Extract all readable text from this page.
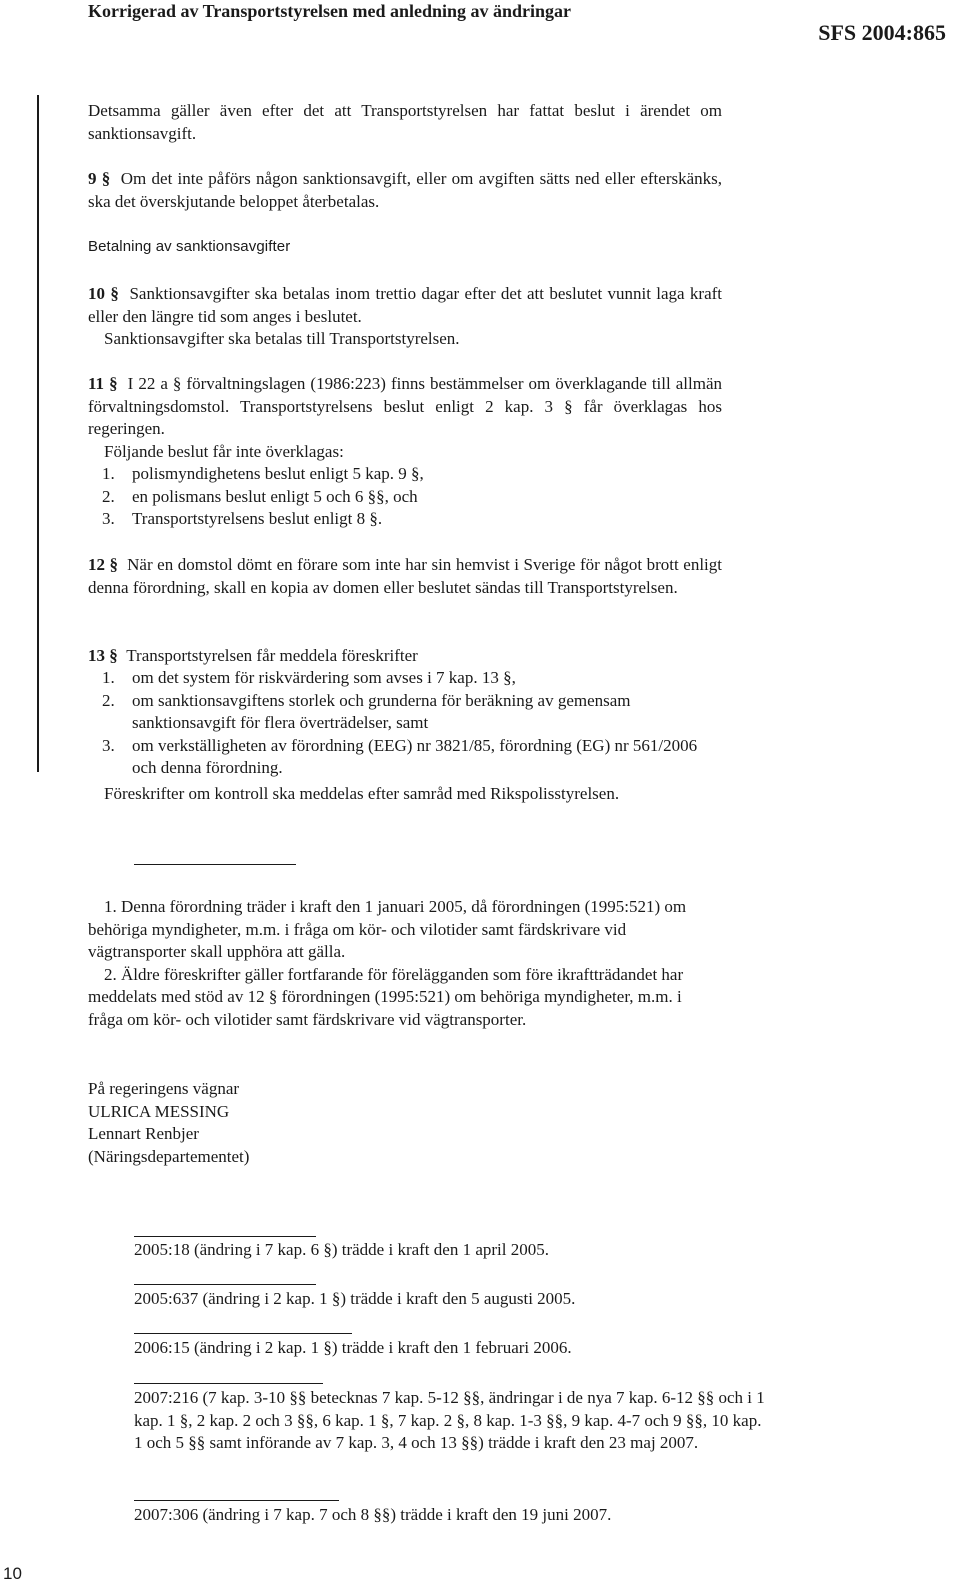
Korrigerad av Transportstyrelsen med anledning av ändringar
SFS 2004:865
Detsamma gäller även efter det att Transportstyrelsen har fattat beslut i ärendet om sanktionsavgift.
9 § Om det inte påförs någon sanktionsavgift, eller om avgiften sätts ned eller efterskänks, ska det överskjutande beloppet återbetalas.
Betalning av sanktionsavgifter
10 § Sanktionsavgifter ska betalas inom trettio dagar efter det att beslutet vunnit laga kraft eller den längre tid som anges i beslutet.
Sanktionsavgifter ska betalas till Transportstyrelsen.
11 § I 22 a § förvaltningslagen (1986:223) finns bestämmelser om överklagande till allmän förvaltningsdomstol. Transportstyrelsens beslut enligt 2 kap. 3 § får överklagas hos regeringen.
Följande beslut får inte överklagas:
1.	polismyndighetens beslut enligt 5 kap. 9 §,
2.	en polismans beslut enligt 5 och 6 §§, och
3.	Transportstyrelsens beslut enligt 8 §.
12 § När en domstol dömt en förare som inte har sin hemvist i Sverige för något brott enligt denna förordning, skall en kopia av domen eller beslutet sändas till Transportstyrelsen.
13 § Transportstyrelsen får meddela föreskrifter
1.	om det system för riskvärdering som avses i 7 kap. 13 §,
2.	om sanktionsavgiftens storlek och grunderna för beräkning av gemensam sanktionsavgift för flera överträdelser, samt
3.	om verkställigheten av förordning (EEG) nr 3821/85, förordning (EG) nr 561/2006 och denna förordning.
Föreskrifter om kontroll ska meddelas efter samråd med Rikspolisstyrelsen.
1. Denna förordning träder i kraft den 1 januari 2005, då förordningen (1995:521) om behöriga myndigheter, m.m. i fråga om kör- och vilotider samt färdskrivare vid vägtransporter skall upphöra att gälla.
2. Äldre föreskrifter gäller fortfarande för förelägganden som före ikraftträdandet har meddelats med stöd av 12 § förordningen (1995:521) om behöriga myndigheter, m.m. i fråga om kör- och vilotider samt färdskrivare vid vägtransporter.
På regeringens vägnar
ULRICA MESSING
Lennart Renbjer
(Näringsdepartementet)
2005:18 (ändring i 7 kap. 6 §) trädde i kraft den 1 april 2005.
2005:637 (ändring i 2 kap. 1 §) trädde i kraft den 5 augusti 2005.
2006:15 (ändring i 2 kap. 1 §) trädde i kraft den 1 februari 2006.
2007:216 (7 kap. 3-10 §§ betecknas 7 kap. 5-12 §§, ändringar i de nya 7 kap. 6-12 §§ och i 1 kap. 1 §, 2 kap. 2 och 3 §§, 6 kap. 1 §, 7 kap. 2 §, 8 kap. 1-3 §§, 9 kap. 4-7 och 9 §§, 10 kap. 1 och 5 §§ samt införande av 7 kap. 3, 4 och 13 §§) trädde i kraft den 23 maj 2007.
2007:306 (ändring i 7 kap. 7 och 8 §§) trädde i kraft den 19 juni 2007.
10
